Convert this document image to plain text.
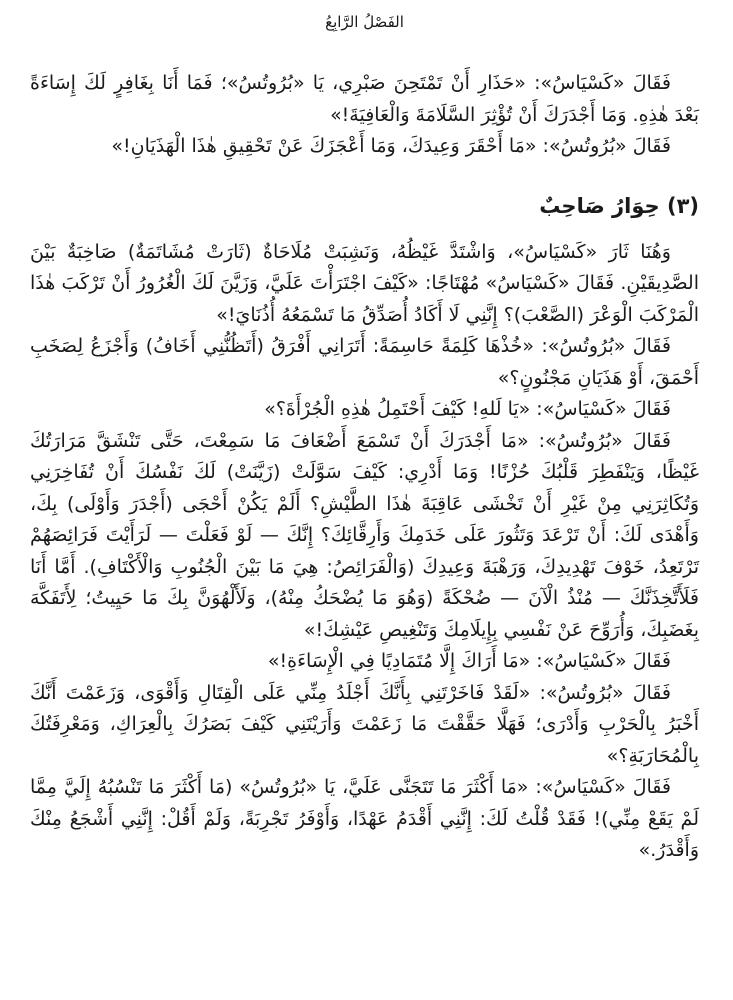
الفَصْلُ الرَّابِعُ

فَقَالَ «كَسْيَاسُ»: «حَذَارِ أَنْ تَمْتَحِنَ صَبْرِي، يَا «بُرُوتُسُ»؛ فَمَا أَنَا بِغَافِرٍ لَكَ إِسَاءَةً بَعْدَ هٰذِهِ. وَمَا أَجْدَرَكَ أَنْ تُؤْثِرَ السَّلَامَةَ وَالْعَافِيَةَ!»

فَقَالَ «بُرُوتُسُ»: «مَا أَحْقَرَ وَعِيدَكَ، وَمَا أَعْجَزَكَ عَنْ تَحْقِيقِ هٰذَا الْهَذَيَانِ!»

(٣) حِوَارُ صَاحِبٌ

وَهُنَا ثَارَ «كَسْيَاسُ»، وَاشْتَدَّ غَيْظُهُ، وَنَشِبَتْ مُلَاحَاةٌ (ثَارَتْ مُشَاتَمَةٌ) صَاخِبَةٌ بَيْنَ الصَّدِيقَيْنِ. فَقَالَ «كَسْيَاسُ» مُهْتَاجًا: «كَيْفَ اجْتَرَأْتَ عَلَيَّ، وَزَيَّنَ لَكَ الْغُرُورُ أَنْ تَرْكَبَ هٰذَا الْمَرْكَبَ الْوَعْرَ (الصَّعْبَ)؟ إِنَّنِي لَا أَكَادُ أُصَدِّقُ مَا تَسْمَعُهُ أُذُنَايَ!»

فَقَالَ «بُرُوتُسُ»: «خُذْهَا كَلِمَةً حَاسِمَةً: أَتَرَانِي أَفْرَقُ (أَتَظُنُّنِي أَخَافُ) وَأَجْزَعُ لِصَخَبِ أَحْمَقَ، أَوْ هَذَيَانِ مَجْنُونٍ؟»

فَقَالَ «كَسْيَاسُ»: «يَا لَلهِ! كَيْفَ أَحْتَمِلُ هٰذِهِ الْجُرْأَةَ؟»

فَقَالَ «بُرُوتُسُ»: «مَا أَجْدَرَكَ أَنْ تَسْمَعَ أَضْعَافَ مَا سَمِعْتَ، حَتَّى تَنْشَقَّ مَرَارَتُكَ غَيْظًا، وَيَنْفَطِرَ قَلْبُكَ حُزْنًا! وَمَا أَدْرِي: كَيْفَ سَوَّلَتْ (زَيَّنَتْ) لَكَ نَفْسُكَ أَنْ تُفَاخِرَنِي وَتُكَاثِرَنِي مِنْ غَيْرِ أَنْ تَخْشَى عَاقِبَةَ هٰذَا الطَّيْشِ؟ أَلَمْ يَكُنْ أَحْجَى (أَجْدَرَ وَأَوْلَى) بِكَ، وَأَهْدَى لَكَ: أَنْ تَرْعَدَ وَتَثُورَ عَلَى خَدَمِكَ وَأَرِقَّائِكَ؟ إِنَّكَ — لَوْ فَعَلْتَ — لَرَأَيْتَ فَرَائِصَهُمْ تَرْتَعِدُ، خَوْفَ تَهْدِيدِكَ، وَرَهْبَةَ وَعِيدِكَ (وَالْفَرَائِصُ: هِيَ مَا بَيْنَ الْجُنُوبِ وَالْأَكْتَافِ). أَمَّا أَنَا فَلَأَتَّخِذَنَّكَ — مُنْذُ الْآنَ — ضُحْكَةً (وَهُوَ مَا يُضْحَكُ مِنْهُ)، وَلَأَلْهُوَنَّ بِكَ مَا حَيِيتُ؛ لِأَتَفَكَّهَ بِغَضَبِكَ، وَأُرَوِّحَ عَنْ نَفْسِي بِإِيلَامِكَ وَتَنْغِيصِ عَيْشِكَ!»

فَقَالَ «كَسْيَاسُ»: «مَا أَرَاكَ إِلَّا مُتَمَادِيًا فِي الْإِسَاءَةِ!»

فَقَالَ «بُرُوتُسُ»: «لَقَدْ فَاخَرْتَنِي بِأَنَّكَ أَجْلَدُ مِنِّي عَلَى الْقِتَالِ وَأَقْوَى، وَزَعَمْتَ أَنَّكَ أَخْبَرُ بِالْحَرْبِ وَأَدْرَى؛ فَهَلَّا حَقَّقْتَ مَا زَعَمْتَ وَأَرَيْتَنِي كَيْفَ بَصَرُكَ بِالْعِرَاكِ، وَمَعْرِفَتُكَ بِالْمُحَارَبَةِ؟»

فَقَالَ «كَسْيَاسُ»: «مَا أَكْثَرَ مَا تَتَجَنَّى عَلَيَّ، يَا «بُرُوتُسُ» (مَا أَكْثَرَ مَا تَنْسُبُهُ إِلَيَّ مِمَّا لَمْ يَقَعْ مِنِّي)! فَقَدْ قُلْتُ لَكَ: إِنَّنِي أَقْدَمُ عَهْدًا، وَأَوْفَرُ تَجْرِبَةً، وَلَمْ أَقُلْ: إِنَّنِي أَشْجَعُ مِنْكَ وَأَقْدَرُ.»
